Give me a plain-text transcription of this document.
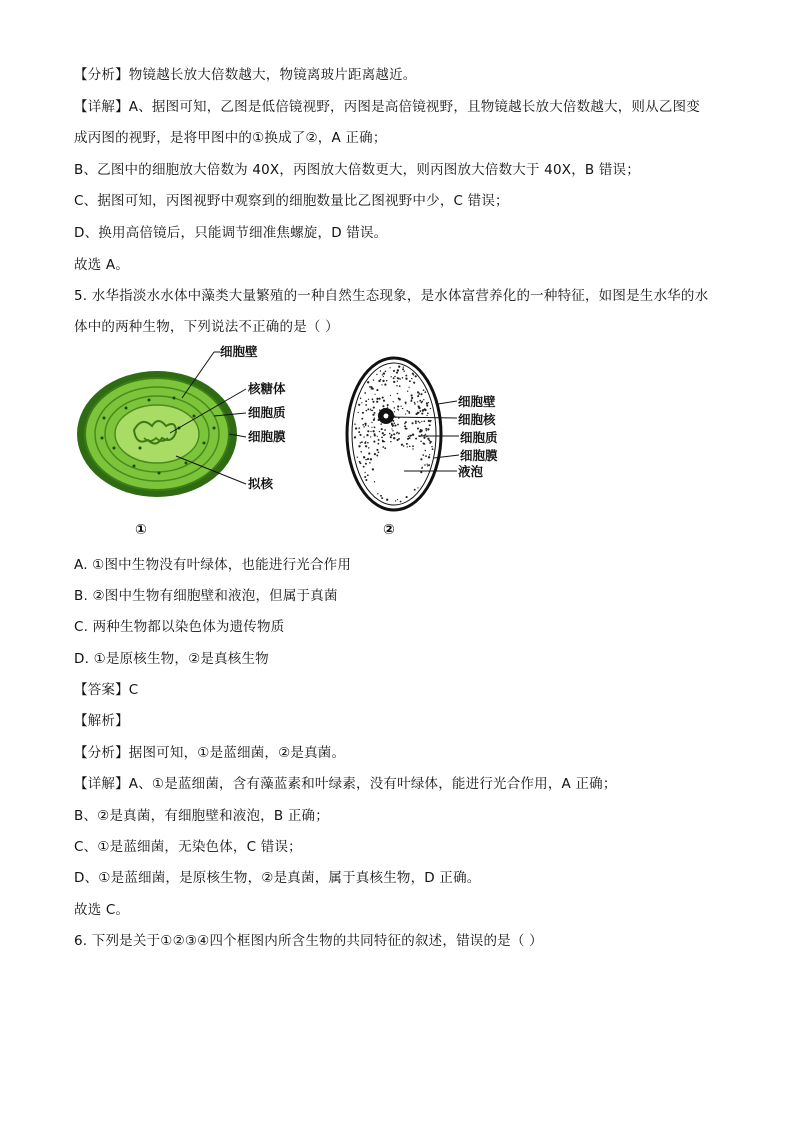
【分析】物镜越长放大倍数越大，物镜离玻片距离越近。
【详解】A、据图可知，乙图是低倍镜视野，丙图是高倍镜视野，且物镜越长放大倍数越大，则从乙图变
成丙图的视野，是将甲图中的①换成了②，A 正确；
B、乙图中的细胞放大倍数为 40X，丙图放大倍数更大，则丙图放大倍数大于 40X，B 错误；
C、据图可知，丙图视野中观察到的细胞数量比乙图视野中少，C 错误；
D、换用高倍镜后，只能调节细准焦螺旋，D 错误。
故选 A。
5. 水华指淡水水体中藻类大量繁殖的一种自然生态现象，是水体富营养化的一种特征，如图是生水华的水
体中的两种生物，下列说法不正确的是（ ）
细胞壁
核糖体
细胞质
细胞膜
拟核
①
细胞壁
细胞核
细胞质
细胞膜
液泡
②
A. ①图中生物没有叶绿体，也能进行光合作用
B. ②图中生物有细胞壁和液泡，但属于真菌
C. 两种生物都以染色体为遗传物质
D. ①是原核生物，②是真核生物
【答案】C
【解析】
【分析】据图可知，①是蓝细菌，②是真菌。
【详解】A、①是蓝细菌，含有藻蓝素和叶绿素，没有叶绿体，能进行光合作用，A 正确；
B、②是真菌，有细胞壁和液泡，B 正确；
C、①是蓝细菌，无染色体，C 错误；
D、①是蓝细菌，是原核生物，②是真菌，属于真核生物，D 正确。
故选 C。
6. 下列是关于①②③④四个框图内所含生物的共同特征的叙述，错误的是（ ）
